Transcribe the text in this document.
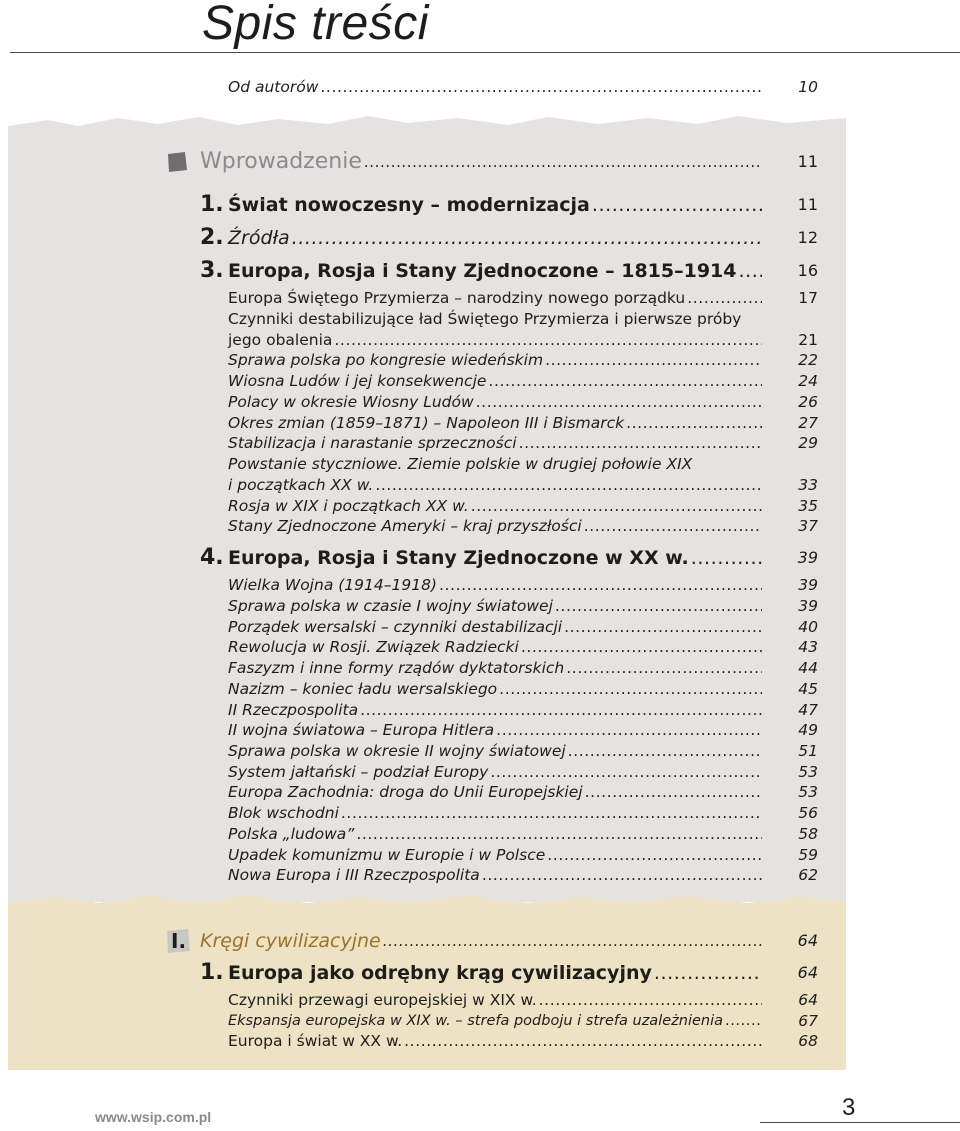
Spis treści
Od autorów .....	10
Wprowadzenie .....	11
1. Świat nowoczesny – modernizacja .....	11
2. Źródła .....	12
3. Europa, Rosja i Stany Zjednoczone – 1815–1914 .....	16
Europa Świętego Przymierza – narodziny nowego porządku .....	17
Czynniki destabilizujące ład Świętego Przymierza i pierwsze próby
jego obalenia .....	21
Sprawa polska po kongresie wiedeńskim .....	22
Wiosna Ludów i jej konsekwencje .....	24
Polacy w okresie Wiosny Ludów .....	26
Okres zmian (1859–1871) – Napoleon III i Bismarck .....	27
Stabilizacja i narastanie sprzeczności .....	29
Powstanie styczniowe. Ziemie polskie w drugiej połowie XIX
i początkach XX w. .....	33
Rosja w XIX i początkach XX w. .....	35
Stany Zjednoczone Ameryki – kraj przyszłości .....	37
4. Europa, Rosja i Stany Zjednoczone w XX w. .....	39
Wielka Wojna (1914–1918) .....	39
Sprawa polska w czasie I wojny światowej .....	39
Porządek wersalski – czynniki destabilizacji .....	40
Rewolucja w Rosji. Związek Radziecki .....	43
Faszyzm i inne formy rządów dyktatorskich .....	44
Nazizm – koniec ładu wersalskiego .....	45
II Rzeczpospolita .....	47
II wojna światowa – Europa Hitlera .....	49
Sprawa polska w okresie II wojny światowej .....	51
System jałtański – podział Europy .....	53
Europa Zachodnia: droga do Unii Europejskiej .....	53
Blok wschodni .....	56
Polska „ludowa” .....	58
Upadek komunizmu w Europie i w Polsce .....	59
Nowa Europa i III Rzeczpospolita .....	62
I. Kręgi cywilizacyjne .....	64
1. Europa jako odrębny krąg cywilizacyjny .....	64
Czynniki przewagi europejskiej w XIX w. .....	64
Ekspansja europejska w XIX w. – strefa podboju i strefa uzależnienia .....	67
Europa i świat w XX w. .....	68
www.wsip.com.pl	3
